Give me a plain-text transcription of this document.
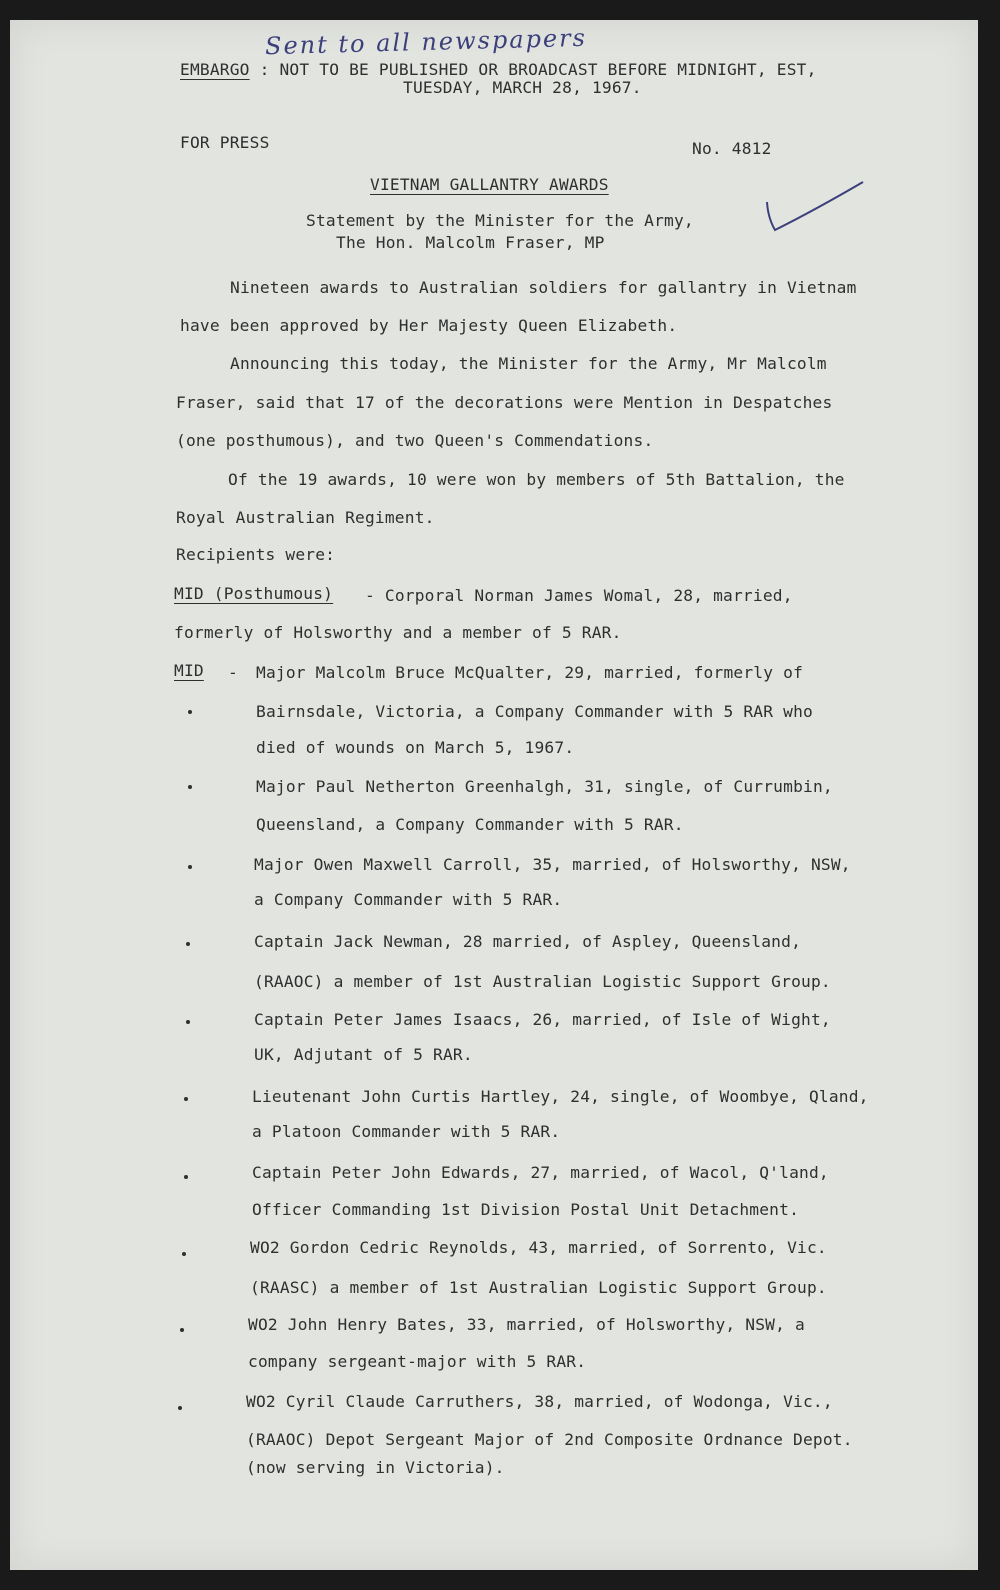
Sent to all newspapers
EMBARGO : NOT TO BE PUBLISHED OR BROADCAST BEFORE MIDNIGHT, EST,
TUESDAY, MARCH 28, 1967.
FOR PRESS	No. 4812
VIETNAM GALLANTRY AWARDS
Statement by the Minister for the Army,
The Hon. Malcolm Fraser, MP
Nineteen awards to Australian soldiers for gallantry in Vietnam
have been approved by Her Majesty Queen Elizabeth.
Announcing this today, the Minister for the Army, Mr Malcolm
Fraser, said that 17 of the decorations were Mention in Despatches
(one posthumous), and two Queen's Commendations.
Of the 19 awards, 10 were won by members of 5th Battalion, the
Royal Australian Regiment.
Recipients were:
MID (Posthumous) - Corporal Norman James Womal, 28, married,
formerly of Holsworthy and a member of 5 RAR.
MID - Major Malcolm Bruce McQualter, 29, married, formerly of
Bairnsdale, Victoria, a Company Commander with 5 RAR who
died of wounds on March 5, 1967.
Major Paul Netherton Greenhalgh, 31, single, of Currumbin,
Queensland, a Company Commander with 5 RAR.
Major Owen Maxwell Carroll, 35, married, of Holsworthy, NSW,
a Company Commander with 5 RAR.
Captain Jack Newman, 28 married, of Aspley, Queensland,
(RAAOC) a member of 1st Australian Logistic Support Group.
Captain Peter James Isaacs, 26, married, of Isle of Wight,
UK, Adjutant of 5 RAR.
Lieutenant John Curtis Hartley, 24, single, of Woombye, Qland,
a Platoon Commander with 5 RAR.
Captain Peter John Edwards, 27, married, of Wacol, Q'land,
Officer Commanding 1st Division Postal Unit Detachment.
WO2 Gordon Cedric Reynolds, 43, married, of Sorrento, Vic.
(RAASC) a member of 1st Australian Logistic Support Group.
WO2 John Henry Bates, 33, married, of Holsworthy, NSW, a
company sergeant-major with 5 RAR.
WO2 Cyril Claude Carruthers, 38, married, of Wodonga, Vic.,
(RAAOC) Depot Sergeant Major of 2nd Composite Ordnance Depot.
(now serving in Victoria).
